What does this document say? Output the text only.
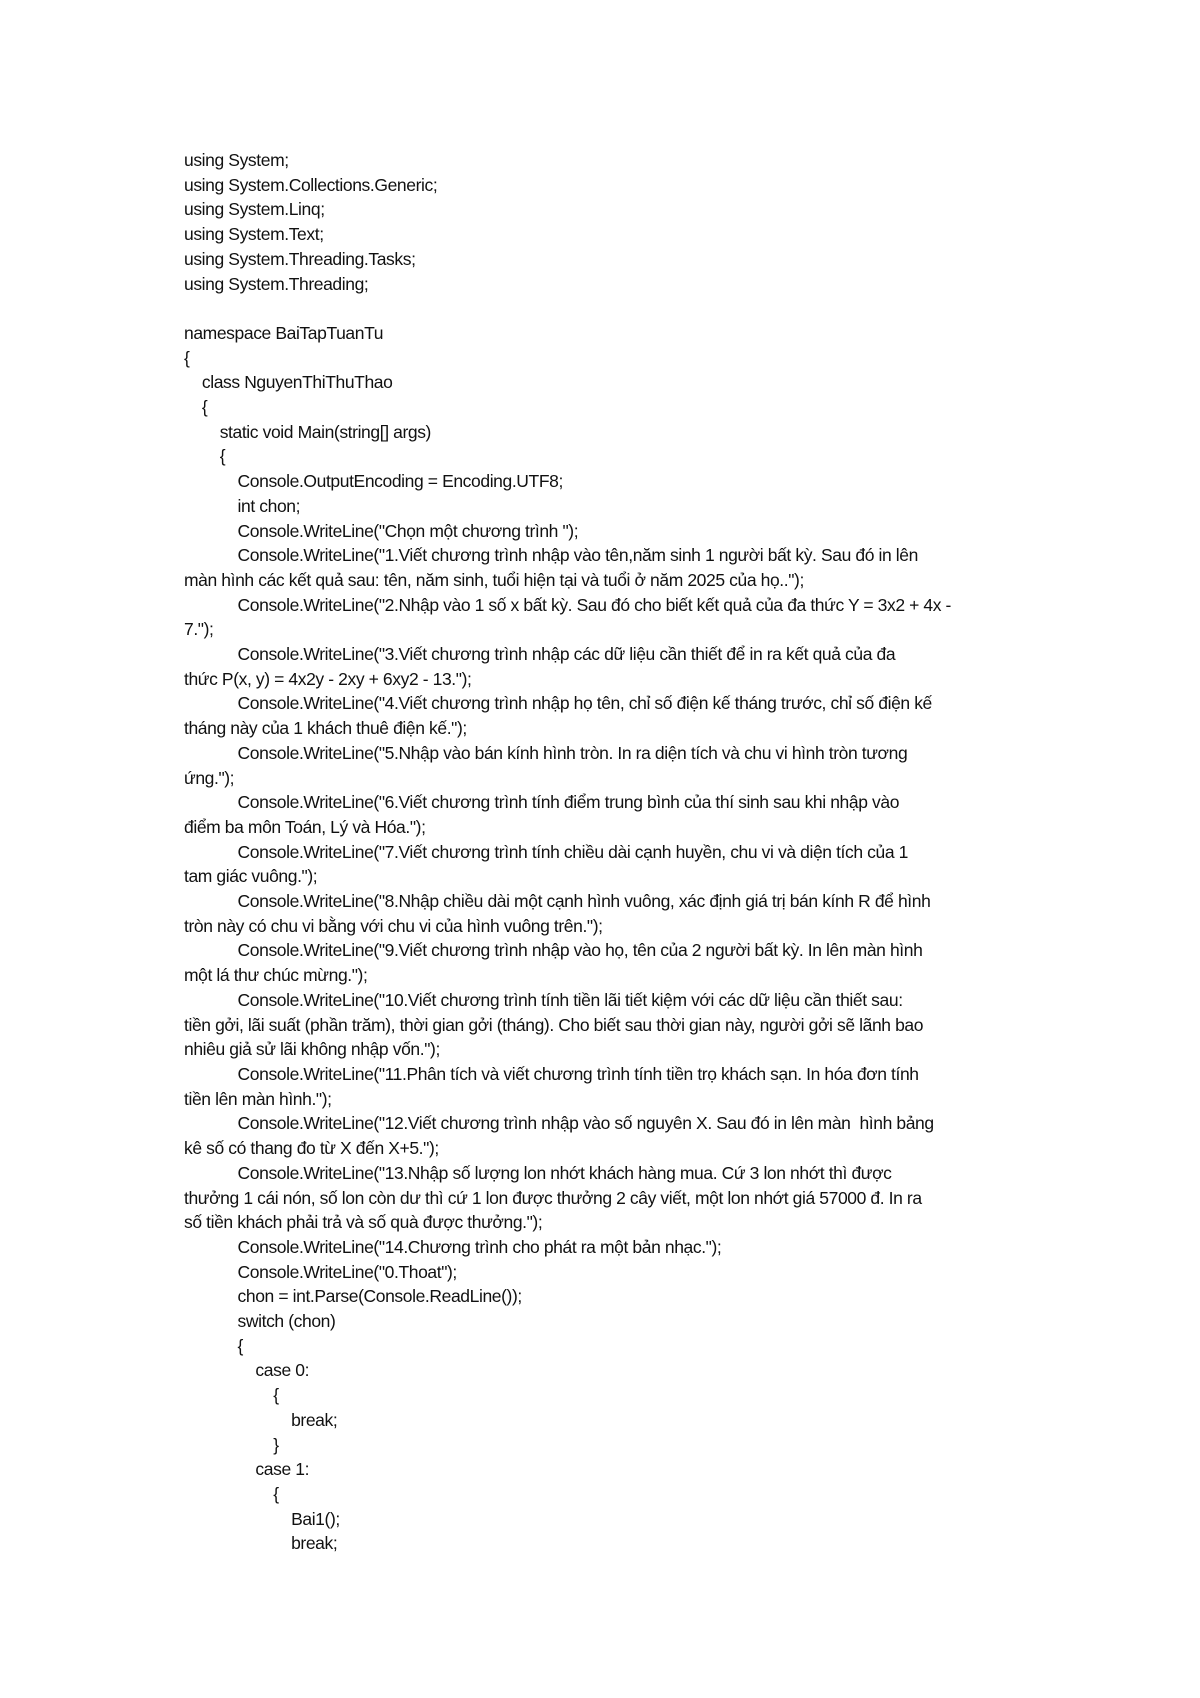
using System;
using System.Collections.Generic;
using System.Linq;
using System.Text;
using System.Threading.Tasks;
using System.Threading;
namespace BaiTapTuanTu
{
class NguyenThiThuThao
{
static void Main(string[] args)
{
Console.OutputEncoding = Encoding.UTF8;
int chon;
Console.WriteLine("Chọn một chương trình ");
Console.WriteLine("1.Viết chương trình nhập vào tên,năm sinh 1 người bất kỳ. Sau đó in lên
màn hình các kết quả sau: tên, năm sinh, tuổi hiện tại và tuổi ở năm 2025 của họ..");
Console.WriteLine("2.Nhập vào 1 số x bất kỳ. Sau đó cho biết kết quả của đa thức Y = 3x2 + 4x -
7.");
Console.WriteLine("3.Viết chương trình nhập các dữ liệu cần thiết để in ra kết quả của đa
thức P(x, y) = 4x2y - 2xy + 6xy2 - 13.");
Console.WriteLine("4.Viết chương trình nhập họ tên, chỉ số điện kế tháng trước, chỉ số điện kế
tháng này của 1 khách thuê điện kế.");
Console.WriteLine("5.Nhập vào bán kính hình tròn. In ra diện tích và chu vi hình tròn tương
ứng.");
Console.WriteLine("6.Viết chương trình tính điểm trung bình của thí sinh sau khi nhập vào
điểm ba môn Toán, Lý và Hóa.");
Console.WriteLine("7.Viết chương trình tính chiều dài cạnh huyền, chu vi và diện tích của 1
tam giác vuông.");
Console.WriteLine("8.Nhập chiều dài một cạnh hình vuông, xác định giá trị bán kính R để hình
tròn này có chu vi bằng với chu vi của hình vuông trên.");
Console.WriteLine("9.Viết chương trình nhập vào họ, tên của 2 người bất kỳ. In lên màn hình
một lá thư chúc mừng.");
Console.WriteLine("10.Viết chương trình tính tiền lãi tiết kiệm với các dữ liệu cần thiết sau:
tiền gởi, lãi suất (phần trăm), thời gian gởi (tháng). Cho biết sau thời gian này, người gởi sẽ lãnh bao
nhiêu giả sử lãi không nhập vốn.");
Console.WriteLine("11.Phân tích và viết chương trình tính tiền trọ khách sạn. In hóa đơn tính
tiền lên màn hình.");
Console.WriteLine("12.Viết chương trình nhập vào số nguyên X. Sau đó in lên màn  hình bảng
kê số có thang đo từ X đến X+5.");
Console.WriteLine("13.Nhập số lượng lon nhớt khách hàng mua. Cứ 3 lon nhớt thì được
thưởng 1 cái nón, số lon còn dư thì cứ 1 lon được thưởng 2 cây viết, một lon nhớt giá 57000 đ. In ra
số tiền khách phải trả và số quà được thưởng.");
Console.WriteLine("14.Chương trình cho phát ra một bản nhạc.");
Console.WriteLine("0.Thoat");
chon = int.Parse(Console.ReadLine());
switch (chon)
{
case 0:
{
break;
}
case 1:
{
Bai1();
break;
